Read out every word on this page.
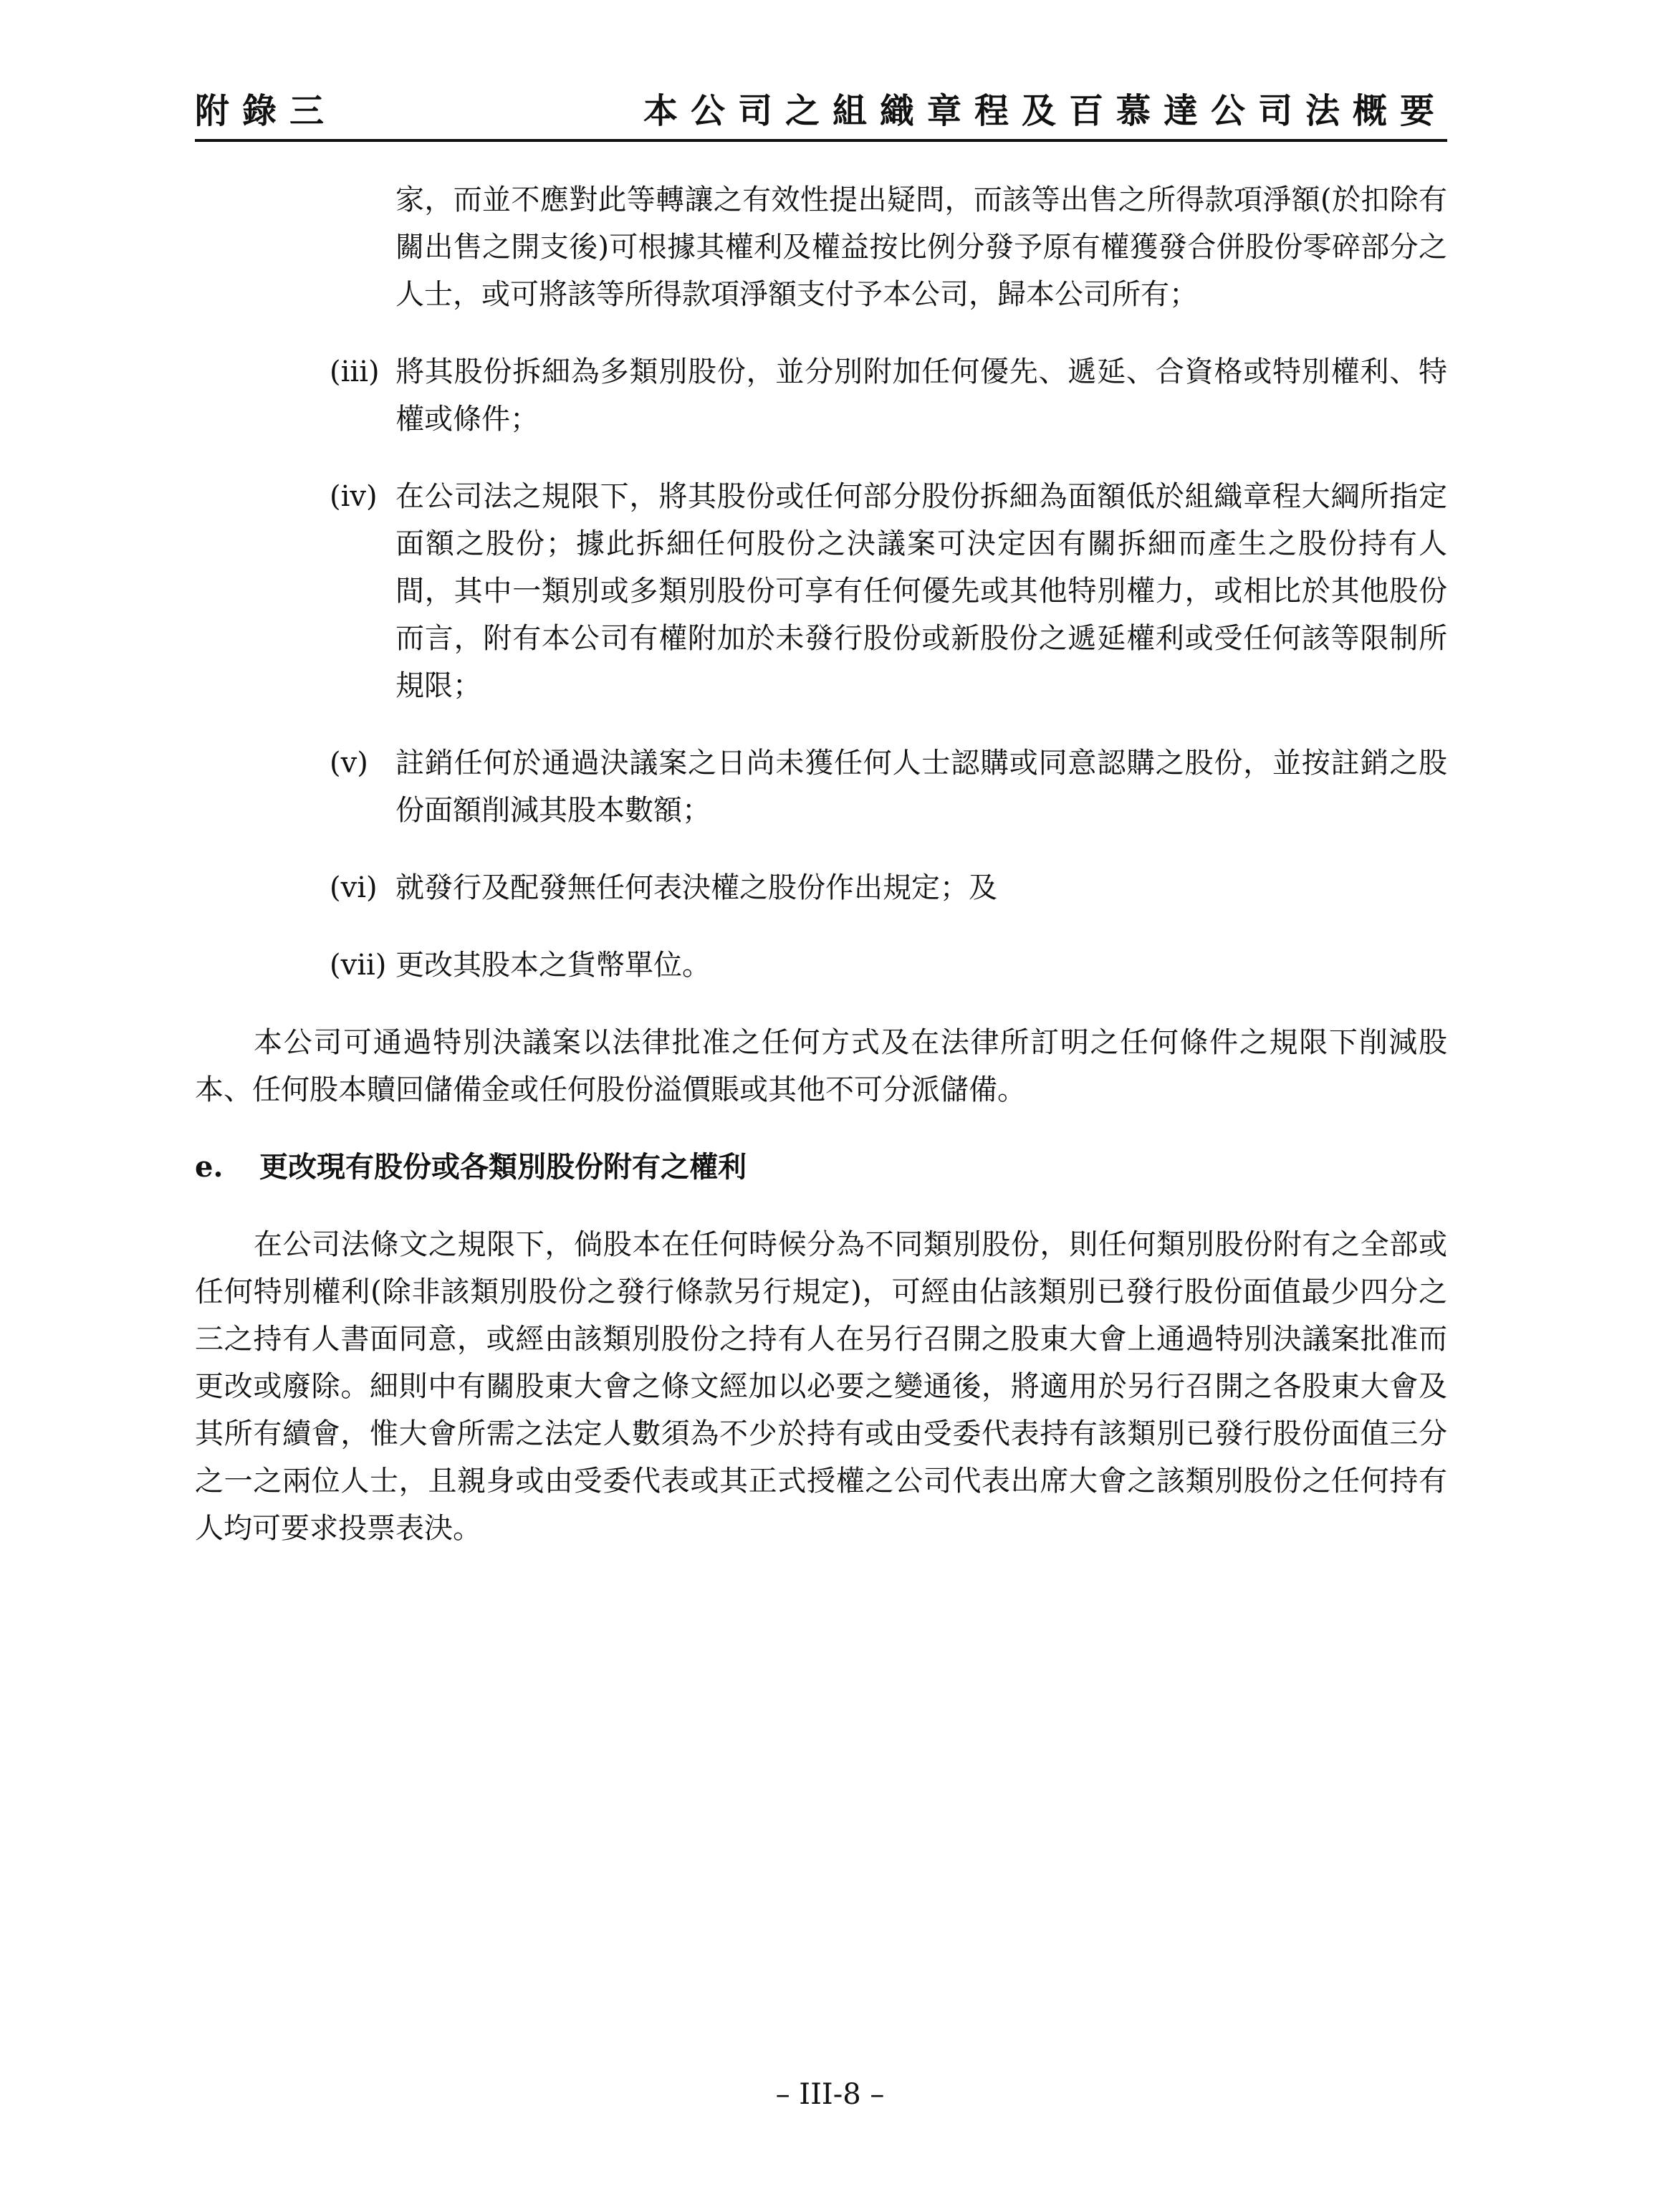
附錄三	本公司之組織章程及百慕達公司法概要
家，而並不應對此等轉讓之有效性提出疑問，而該等出售之所得款項淨額(於扣除有關出售之開支後)可根據其權利及權益按比例分發予原有權獲發合併股份零碎部分之人士，或可將該等所得款項淨額支付予本公司，歸本公司所有；
(iii) 將其股份拆細為多類別股份，並分別附加任何優先、遞延、合資格或特別權利、特權或條件；
(iv) 在公司法之規限下，將其股份或任何部分股份拆細為面額低於組織章程大綱所指定面額之股份；據此拆細任何股份之決議案可決定因有關拆細而產生之股份持有人間，其中一類別或多類別股份可享有任何優先或其他特別權力，或相比於其他股份而言，附有本公司有權附加於未發行股份或新股份之遞延權利或受任何該等限制所規限；
(v) 註銷任何於通過決議案之日尚未獲任何人士認購或同意認購之股份，並按註銷之股份面額削減其股本數額；
(vi) 就發行及配發無任何表決權之股份作出規定；及
(vii) 更改其股本之貨幣單位。
本公司可通過特別決議案以法律批准之任何方式及在法律所訂明之任何條件之規限下削減股本、任何股本贖回儲備金或任何股份溢價賬或其他不可分派儲備。
e. 更改現有股份或各類別股份附有之權利
在公司法條文之規限下，倘股本在任何時候分為不同類別股份，則任何類別股份附有之全部或任何特別權利(除非該類別股份之發行條款另行規定)，可經由佔該類別已發行股份面值最少四分之三之持有人書面同意，或經由該類別股份之持有人在另行召開之股東大會上通過特別決議案批准而更改或廢除。細則中有關股東大會之條文經加以必要之變通後，將適用於另行召開之各股東大會及其所有續會，惟大會所需之法定人數須為不少於持有或由受委代表持有該類別已發行股份面值三分之一之兩位人士，且親身或由受委代表或其正式授權之公司代表出席大會之該類別股份之任何持有人均可要求投票表決。
– III-8 –
